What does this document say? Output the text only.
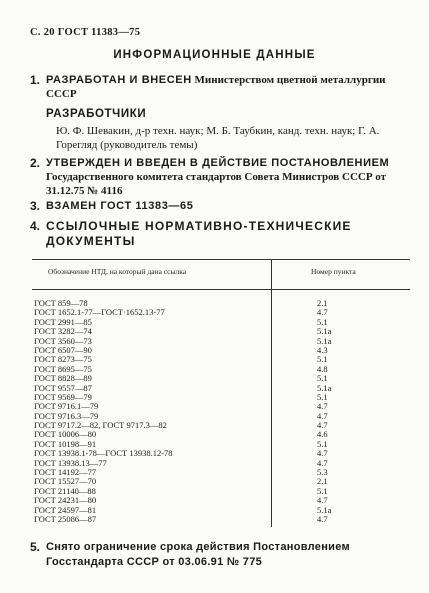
С. 20 ГОСТ 11383—75
ИНФОРМАЦИОННЫЕ ДАННЫЕ
1. РАЗРАБОТАН И ВНЕСЕН Министерством цветной металлургии СССР
РАЗРАБОТЧИКИ
Ю. Ф. Шевакин, д-р техн. наук; М. Б. Таубкин, канд. техн. наук; Г. А. Горегляд (руководитель темы)
2. УТВЕРЖДЕН И ВВЕДЕН В ДЕЙСТВИЕ ПОСТАНОВЛЕНИЕМ Государственного комитета стандартов Совета Министров СССР от 31.12.75 № 4116
3. ВЗАМЕН ГОСТ 11383—65
4. ССЫЛОЧНЫЕ НОРМАТИВНО-ТЕХНИЧЕСКИЕ ДОКУМЕНТЫ
Обозначение НТД, на который дана ссылка	Номер пункта
ГОСТ 859—78	2.1
ГОСТ 1652.1-77—ГОСТ·1652.13-77	4.7
ГОСТ 2991—85	5.1
ГОСТ 3282—74	5.1a
ГОСТ 3560—73	5.1a
ГОСТ 6507—90	4.3
ГОСТ 8273—75	5.1
ГОСТ 8695—75	4.8
ГОСТ 8828—89	5.1
ГОСТ 9557—87	5.1a
ГОСТ 9569—79	5.1
ГОСТ 9716.1—79	4.7
ГОСТ 9716.3—79	4.7
ГОСТ 9717.2—82, ГОСТ 9717.3—82	4.7
ГОСТ 10006—80	4.6
ГОСТ 10198—91	5.1
ГОСТ 13938.1-78—ГОСТ 13938.12-78	4.7
ГОСТ 13938.13—77	4.7
ГОСТ 14192—77	5.3
ГОСТ 15527—70	2.1
ГОСТ 21140—88	5.1
ГОСТ 24231—80	4.7
ГОСТ 24597—81	5.1a
ГОСТ 25086—87	4.7
5. Снято ограничение срока действия Постановлением Госстандарта СССР от 03.06.91 № 775
